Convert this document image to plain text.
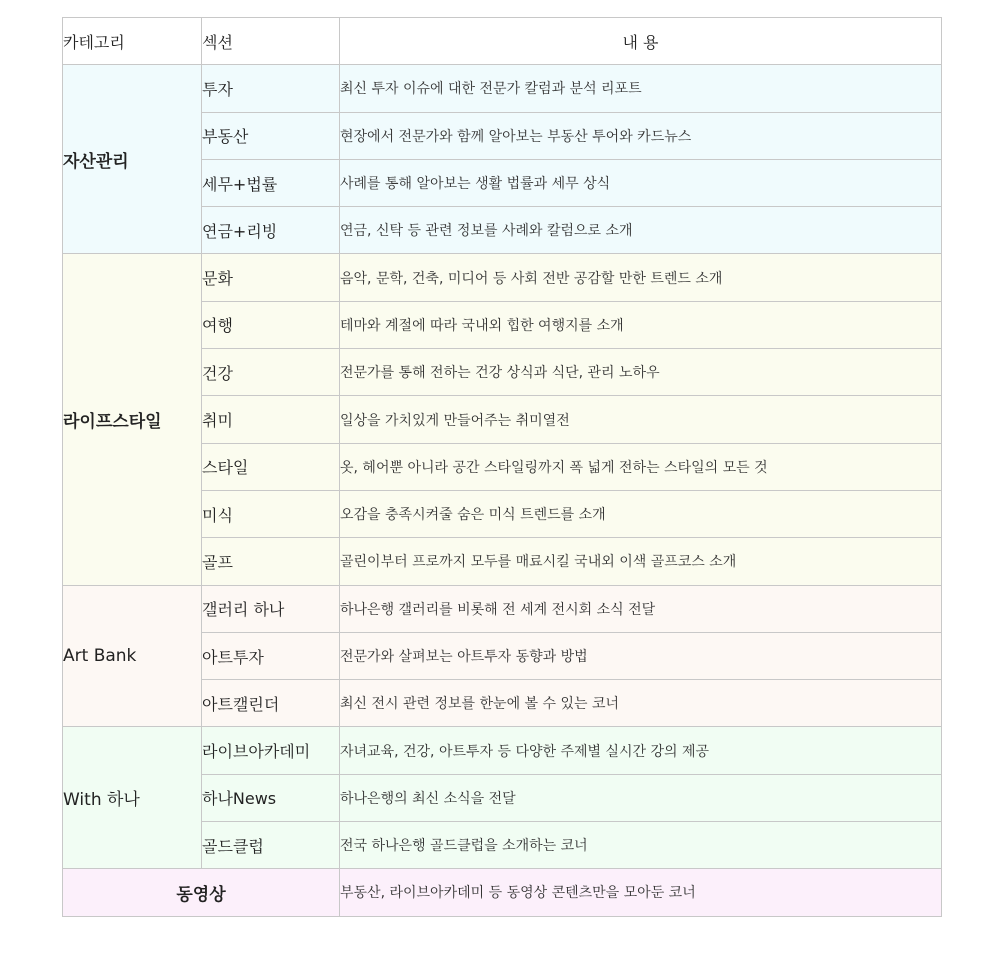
카테고리	섹션	내 용
자산관리	투자	최신 투자 이슈에 대한 전문가 칼럼과 분석 리포트
	부동산	현장에서 전문가와 함께 알아보는 부동산 투어와 카드뉴스
	세무+법률	사례를 통해 알아보는 생활 법률과 세무 상식
	연금+리빙	연금, 신탁 등 관련 정보를 사례와 칼럼으로 소개
라이프스타일	문화	음악, 문학, 건축, 미디어 등 사회 전반 공감할 만한 트렌드 소개
	여행	테마와 계절에 따라 국내외 힙한 여행지를 소개
	건강	전문가를 통해 전하는 건강 상식과 식단, 관리 노하우
	취미	일상을 가치있게 만들어주는 취미열전
	스타일	옷, 헤어뿐 아니라 공간 스타일링까지 폭 넓게 전하는 스타일의 모든 것
	미식	오감을 충족시켜줄 숨은 미식 트렌드를 소개
	골프	골린이부터 프로까지 모두를 매료시킬 국내외 이색 골프코스 소개
Art Bank	갤러리 하나	하나은행 갤러리를 비롯해 전 세계 전시회 소식 전달
	아트투자	전문가와 살펴보는 아트투자 동향과 방법
	아트캘린더	최신 전시 관련 정보를 한눈에 볼 수 있는 코너
With 하나	라이브아카데미	자녀교육, 건강, 아트투자 등 다양한 주제별 실시간 강의 제공
	하나News	하나은행의 최신 소식을 전달
	골드클럽	전국 하나은행 골드클럽을 소개하는 코너
동영상		부동산, 라이브아카데미 등 동영상 콘텐츠만을 모아둔 코너
